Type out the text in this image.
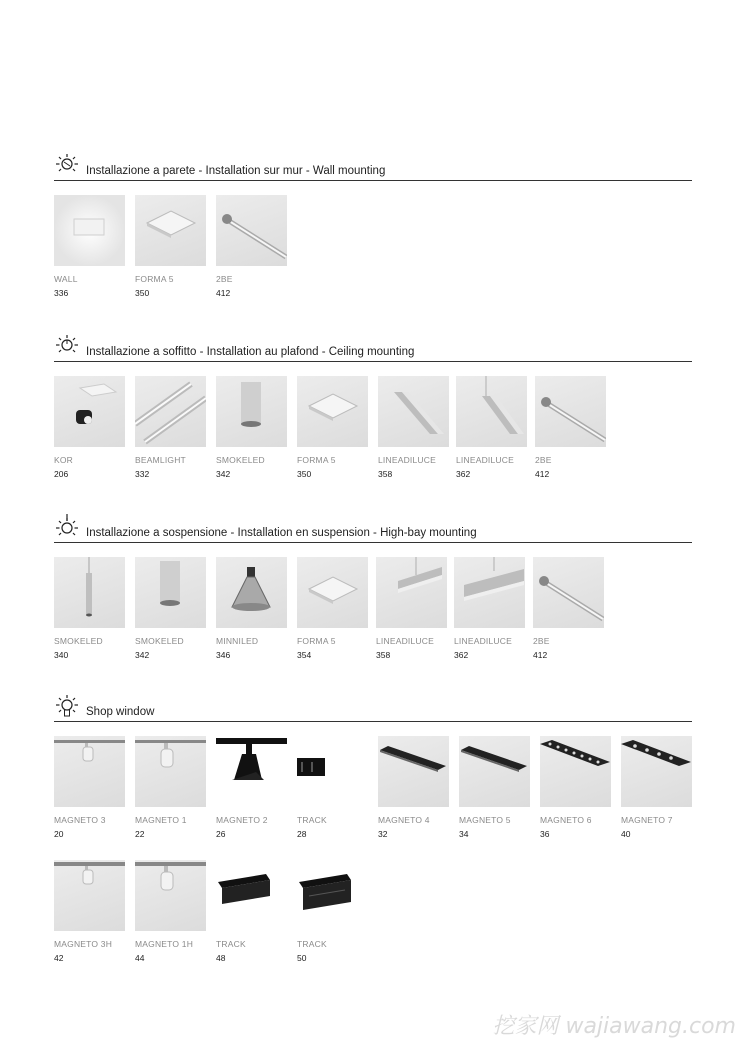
Installazione a parete - Installation sur mur - Wall mounting
WALL
336
FORMA 5
350
2BE
412
Installazione a soffitto - Installation au plafond - Ceiling mounting
KOR
206
BEAMLIGHT
332
SMOKELED
342
FORMA 5
350
LINEADILUCE
358
LINEADILUCE
362
2BE
412
Installazione a sospensione - Installation en suspension - High-bay mounting
SMOKELED
340
SMOKELED
342
MINNILED
346
FORMA 5
354
LINEADILUCE
358
LINEADILUCE
362
2BE
412
Shop window
MAGNETO 3
20
MAGNETO 1
22
MAGNETO 2
26
TRACK
28
MAGNETO 4
32
MAGNETO 5
34
MAGNETO 6
36
MAGNETO 7
40
MAGNETO 3H
42
MAGNETO 1H
44
TRACK
48
TRACK
50
挖家网 wajiawang.com
